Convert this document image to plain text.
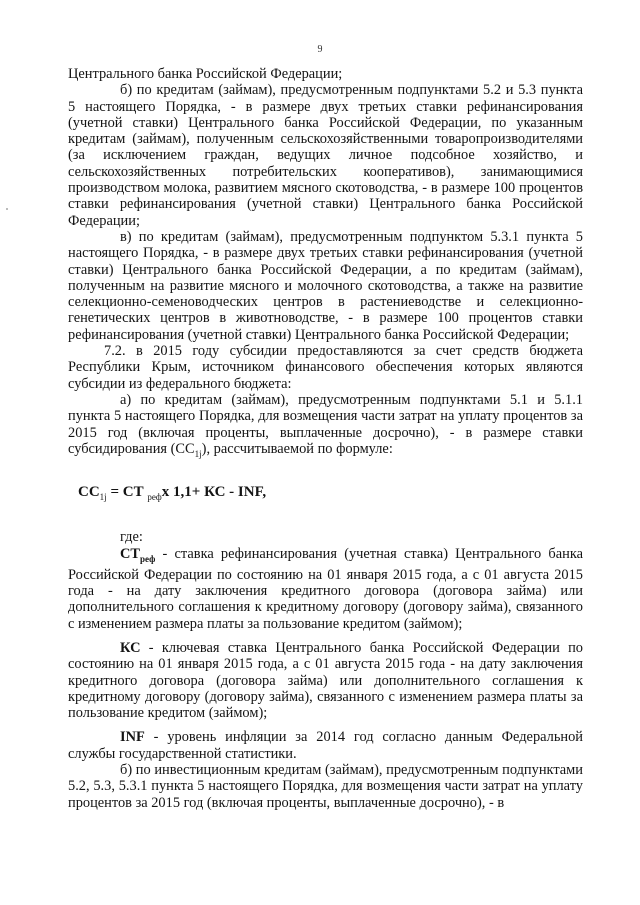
9

Центрального банка Российской Федерации;

б) по кредитам (займам), предусмотренным подпунктами 5.2 и 5.3 пункта 5 настоящего Порядка, - в размере двух третьих ставки рефинансирования (учетной ставки) Центрального банка Российской Федерации, по указанным кредитам (займам), полученным сельскохозяйственными товаропроизводителями (за исключением граждан, ведущих личное подсобное хозяйство, и сельскохозяйственных потребительских кооперативов), занимающимися производством молока, развитием мясного скотоводства, - в размере 100 процентов ставки рефинансирования (учетной ставки) Центрального банка Российской Федерации;

в) по кредитам (займам), предусмотренным подпунктом 5.3.1 пункта 5 настоящего Порядка, - в размере двух третьих ставки рефинансирования (учетной ставки) Центрального банка Российской Федерации, а по кредитам (займам), полученным на развитие мясного и молочного скотоводства, а также на развитие селекционно-семеноводческих центров в растениеводстве и селекционно-генетических центров в животноводстве, - в размере 100 процентов ставки рефинансирования (учетной ставки) Центрального банка Российской Федерации;

7.2. в 2015 году субсидии предоставляются за счет средств бюджета Республики Крым, источником финансового обеспечения которых являются субсидии из федерального бюджета:

а) по кредитам (займам), предусмотренным подпунктами 5.1 и 5.1.1 пункта 5 настоящего Порядка, для возмещения части затрат на уплату процентов за 2015 год (включая проценты, выплаченные досрочно), - в размере ставки субсидирования $(СС_{1j})$, рассчитываемой по формуле:

$СС_{1j}$ = СТ $_{реф}$х 1,1+ КС - INF,

где:

$СТ_{реф}$ - ставка рефинансирования (учетная ставка) Центрального банка Российской Федерации по состоянию на 01 января 2015 года, а с 01 августа 2015 года - на дату заключения кредитного договора (договора займа) или дополнительного соглашения к кредитному договору (договору займа), связанного с изменением размера платы за пользование кредитом (займом);

КС - ключевая ставка Центрального банка Российской Федерации по состоянию на 01 января 2015 года, а с 01 августа 2015 года - на дату заключения кредитного договора (договора займа) или дополнительного соглашения к кредитному договору (договору займа), связанного с изменением размера платы за пользование кредитом (займом);

INF - уровень инфляции за 2014 год согласно данным Федеральной службы государственной статистики.

б) по инвестиционным кредитам (займам), предусмотренным подпунктами 5.2, 5.3, 5.3.1 пункта 5 настоящего Порядка, для возмещения части затрат на уплату процентов за 2015 год (включая проценты, выплаченные досрочно), - в
